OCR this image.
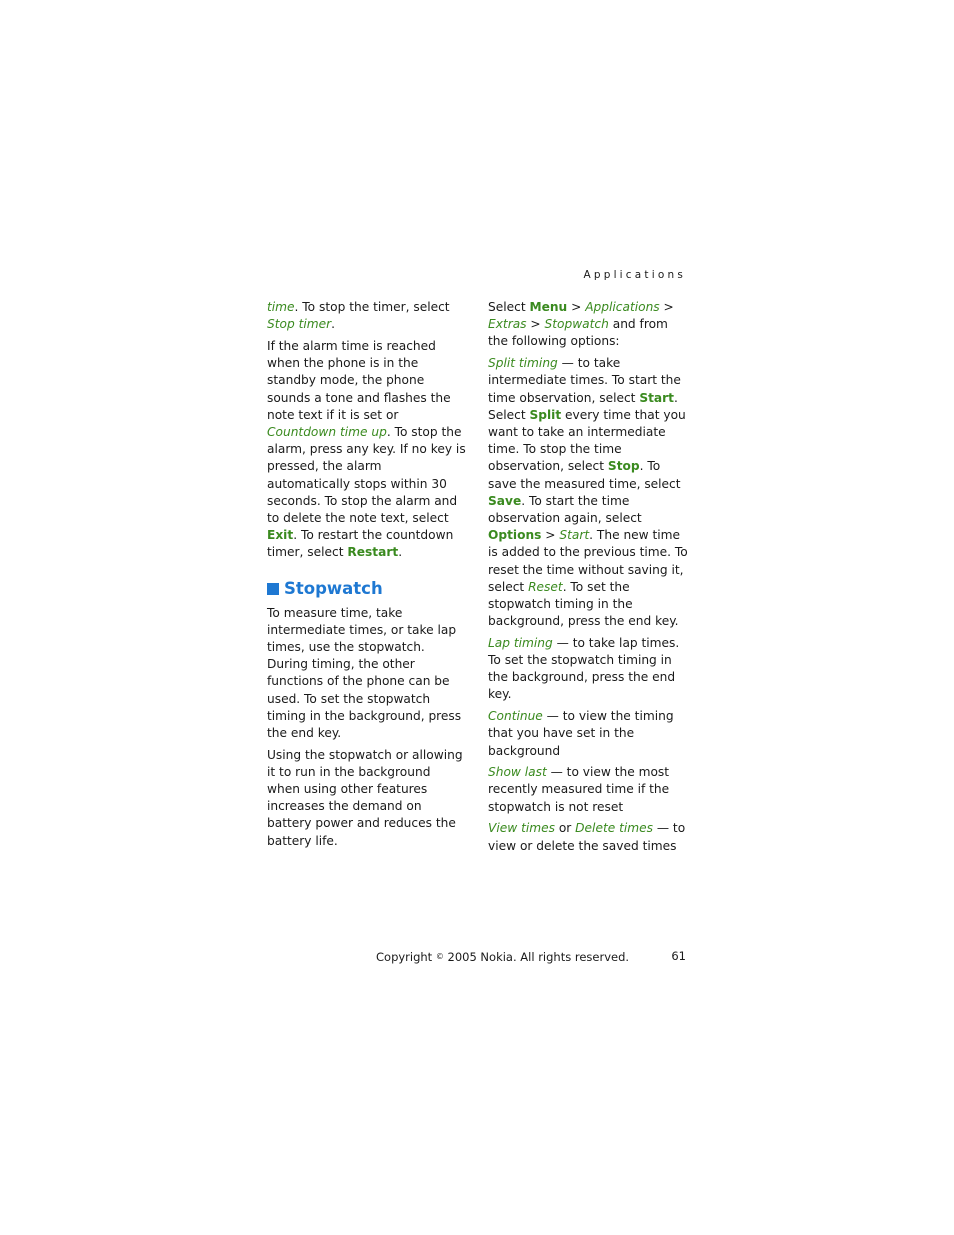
Applications

time. To stop the timer, select Stop timer.

If the alarm time is reached when the phone is in the standby mode, the phone sounds a tone and flashes the note text if it is set or Countdown time up. To stop the alarm, press any key. If no key is pressed, the alarm automatically stops within 30 seconds. To stop the alarm and to delete the note text, select Exit. To restart the countdown timer, select Restart.

Stopwatch

To measure time, take intermediate times, or take lap times, use the stopwatch. During timing, the other functions of the phone can be used. To set the stopwatch timing in the background, press the end key.

Using the stopwatch or allowing it to run in the background when using other features increases the demand on battery power and reduces the battery life.

Select Menu > Applications > Extras > Stopwatch and from the following options:

Split timing — to take intermediate times. To start the time observation, select Start. Select Split every time that you want to take an intermediate time. To stop the time observation, select Stop. To save the measured time, select Save. To start the time observation again, select Options > Start. The new time is added to the previous time. To reset the time without saving it, select Reset. To set the stopwatch timing in the background, press the end key.

Lap timing — to take lap times. To set the stopwatch timing in the background, press the end key.

Continue — to view the timing that you have set in the background

Show last — to view the most recently measured time if the stopwatch is not reset

View times or Delete times — to view or delete the saved times

Copyright © 2005 Nokia. All rights reserved.	61
